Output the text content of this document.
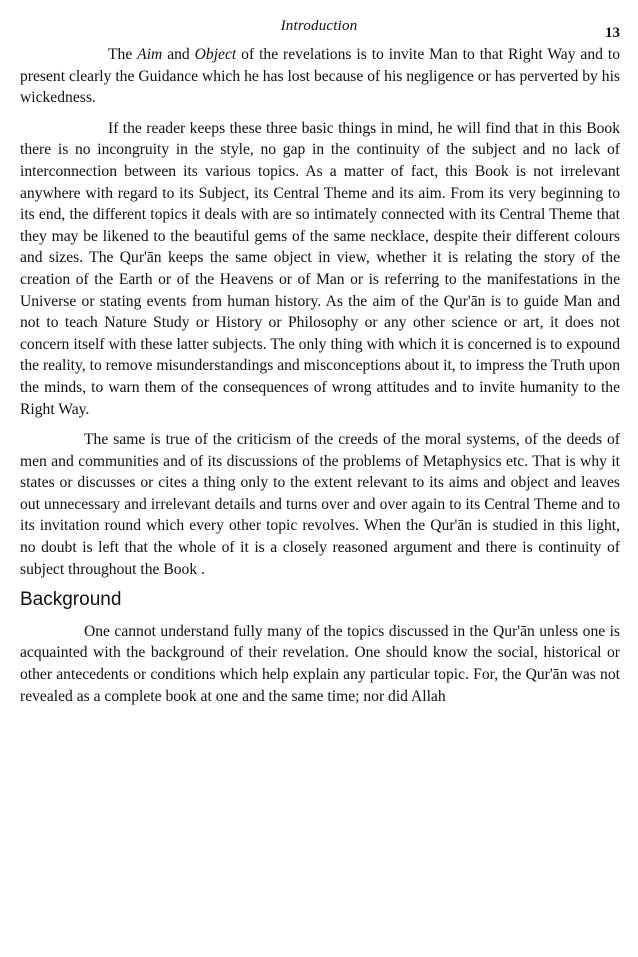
Introduction	13

The Aim and Object of the revelations is to invite Man to that Right Way and to present clearly the Guidance which he has lost because of his negligence or has perverted by his wickedness.

If the reader keeps these three basic things in mind, he will find that in this Book there is no incongruity in the style, no gap in the continuity of the subject and no lack of interconnection between its various topics. As a matter of fact, this Book is not irrelevant anywhere with regard to its Subject, its Central Theme and its aim. From its very beginning to its end, the different topics it deals with are so intimately connected with its Central Theme that they may be likened to the beautiful gems of the same necklace, despite their different colours and sizes. The Qur'ān keeps the same object in view, whether it is relating the story of the creation of the Earth or of the Heavens or of Man or is referring to the manifestations in the Universe or stating events from human history. As the aim of the Qur'ān is to guide Man and not to teach Nature Study or History or Philosophy or any other science or art, it does not concern itself with these latter subjects. The only thing with which it is concerned is to expound the reality, to remove misunderstandings and misconceptions about it, to impress the Truth upon the minds, to warn them of the consequences of wrong attitudes and to invite humanity to the Right Way.

The same is true of the criticism of the creeds of the moral systems, of the deeds of men and communities and of its discussions of the problems of Metaphysics etc. That is why it states or discusses or cites a thing only to the extent relevant to its aims and object and leaves out unnecessary and irrelevant details and turns over and over again to its Central Theme and to its invitation round which every other topic revolves. When the Qur'ān is studied in this light, no doubt is left that the whole of it is a closely reasoned argument and there is continuity of subject throughout the Book .

Background

One cannot understand fully many of the topics discussed in the Qur'ān unless one is acquainted with the background of their revelation. One should know the social, historical or other antecedents or conditions which help explain any particular topic. For, the Qur'ān was not revealed as a complete book at one and the same time; nor did Allah
